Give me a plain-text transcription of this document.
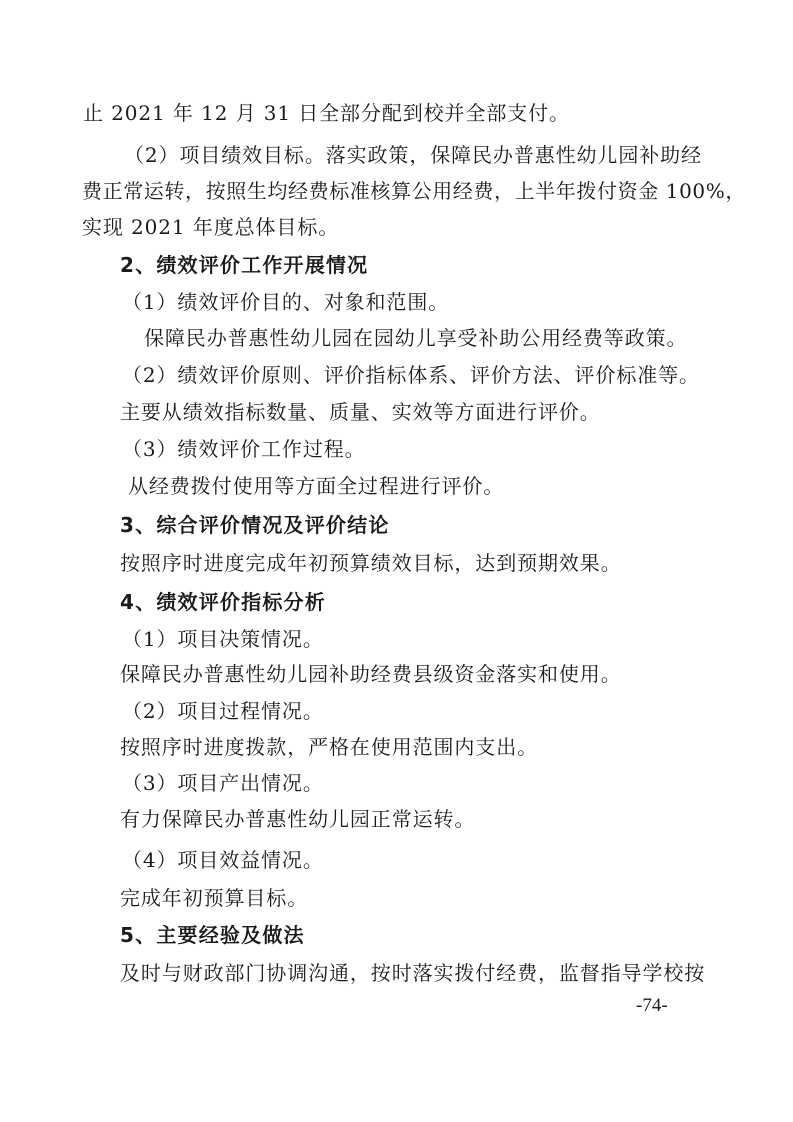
止 2021 年 12 月 31 日全部分配到校并全部支付。
（2）项目绩效目标。落实政策，保障民办普惠性幼儿园补助经
费正常运转，按照生均经费标准核算公用经费，上半年拨付资金 100%，
实现 2021 年度总体目标。
2、绩效评价工作开展情况
（1）绩效评价目的、对象和范围。
保障民办普惠性幼儿园在园幼儿享受补助公用经费等政策。
（2）绩效评价原则、评价指标体系、评价方法、评价标准等。
主要从绩效指标数量、质量、实效等方面进行评价。
（3）绩效评价工作过程。
从经费拨付使用等方面全过程进行评价。
3、综合评价情况及评价结论
按照序时进度完成年初预算绩效目标，达到预期效果。
4、绩效评价指标分析
（1）项目决策情况。
保障民办普惠性幼儿园补助经费县级资金落实和使用。
（2）项目过程情况。
按照序时进度拨款，严格在使用范围内支出。
（3）项目产出情况。
有力保障民办普惠性幼儿园正常运转。
（4）项目效益情况。
完成年初预算目标。
5、主要经验及做法
及时与财政部门协调沟通，按时落实拨付经费，监督指导学校按
-74-
